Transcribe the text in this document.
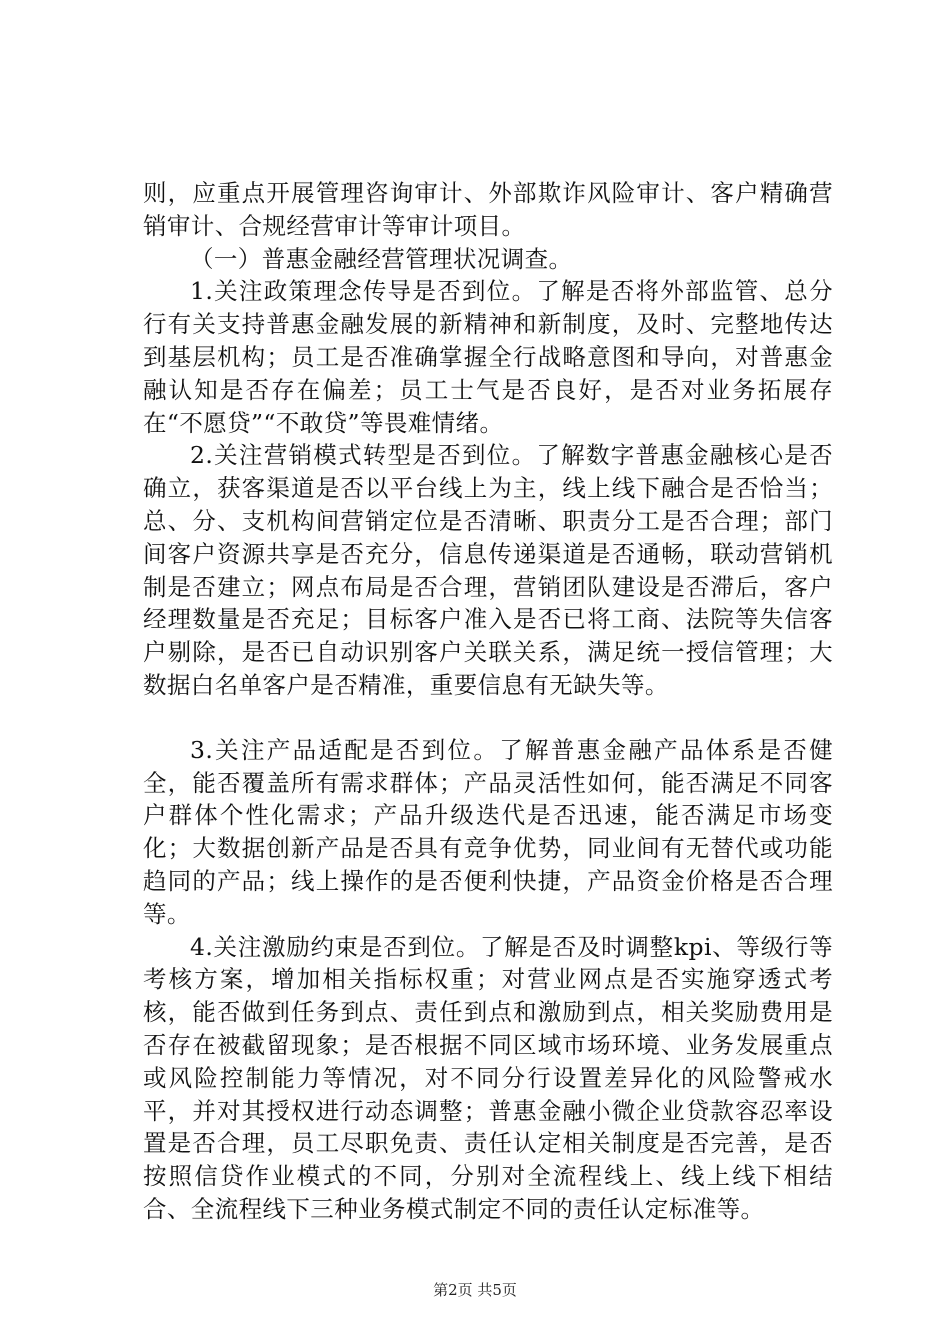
则，应重点开展管理咨询审计、外部欺诈风险审计、客户精确营销审计、合规经营审计等审计项目。

（一）普惠金融经营管理状况调查。

1.关注政策理念传导是否到位。了解是否将外部监管、总分行有关支持普惠金融发展的新精神和新制度，及时、完整地传达到基层机构；员工是否准确掌握全行战略意图和导向，对普惠金融认知是否存在偏差；员工士气是否良好，是否对业务拓展存在“不愿贷”“不敢贷”等畏难情绪。

2.关注营销模式转型是否到位。了解数字普惠金融核心是否确立，获客渠道是否以平台线上为主，线上线下融合是否恰当；总、分、支机构间营销定位是否清晰、职责分工是否合理；部门间客户资源共享是否充分，信息传递渠道是否通畅，联动营销机制是否建立；网点布局是否合理，营销团队建设是否滞后，客户经理数量是否充足；目标客户准入是否已将工商、法院等失信客户剔除，是否已自动识别客户关联关系，满足统一授信管理；大数据白名单客户是否精准，重要信息有无缺失等。

3.关注产品适配是否到位。了解普惠金融产品体系是否健全，能否覆盖所有需求群体；产品灵活性如何，能否满足不同客户群体个性化需求；产品升级迭代是否迅速，能否满足市场变化；大数据创新产品是否具有竞争优势，同业间有无替代或功能趋同的产品；线上操作的是否便利快捷，产品资金价格是否合理等。

4.关注激励约束是否到位。了解是否及时调整kpi、等级行等考核方案，增加相关指标权重；对营业网点是否实施穿透式考核，能否做到任务到点、责任到点和激励到点，相关奖励费用是否存在被截留现象；是否根据不同区域市场环境、业务发展重点或风险控制能力等情况，对不同分行设置差异化的风险警戒水平，并对其授权进行动态调整；普惠金融小微企业贷款容忍率设置是否合理，员工尽职免责、责任认定相关制度是否完善，是否按照信贷作业模式的不同，分别对全流程线上、线上线下相结合、全流程线下三种业务模式制定不同的责任认定标准等。

第2页 共5页
